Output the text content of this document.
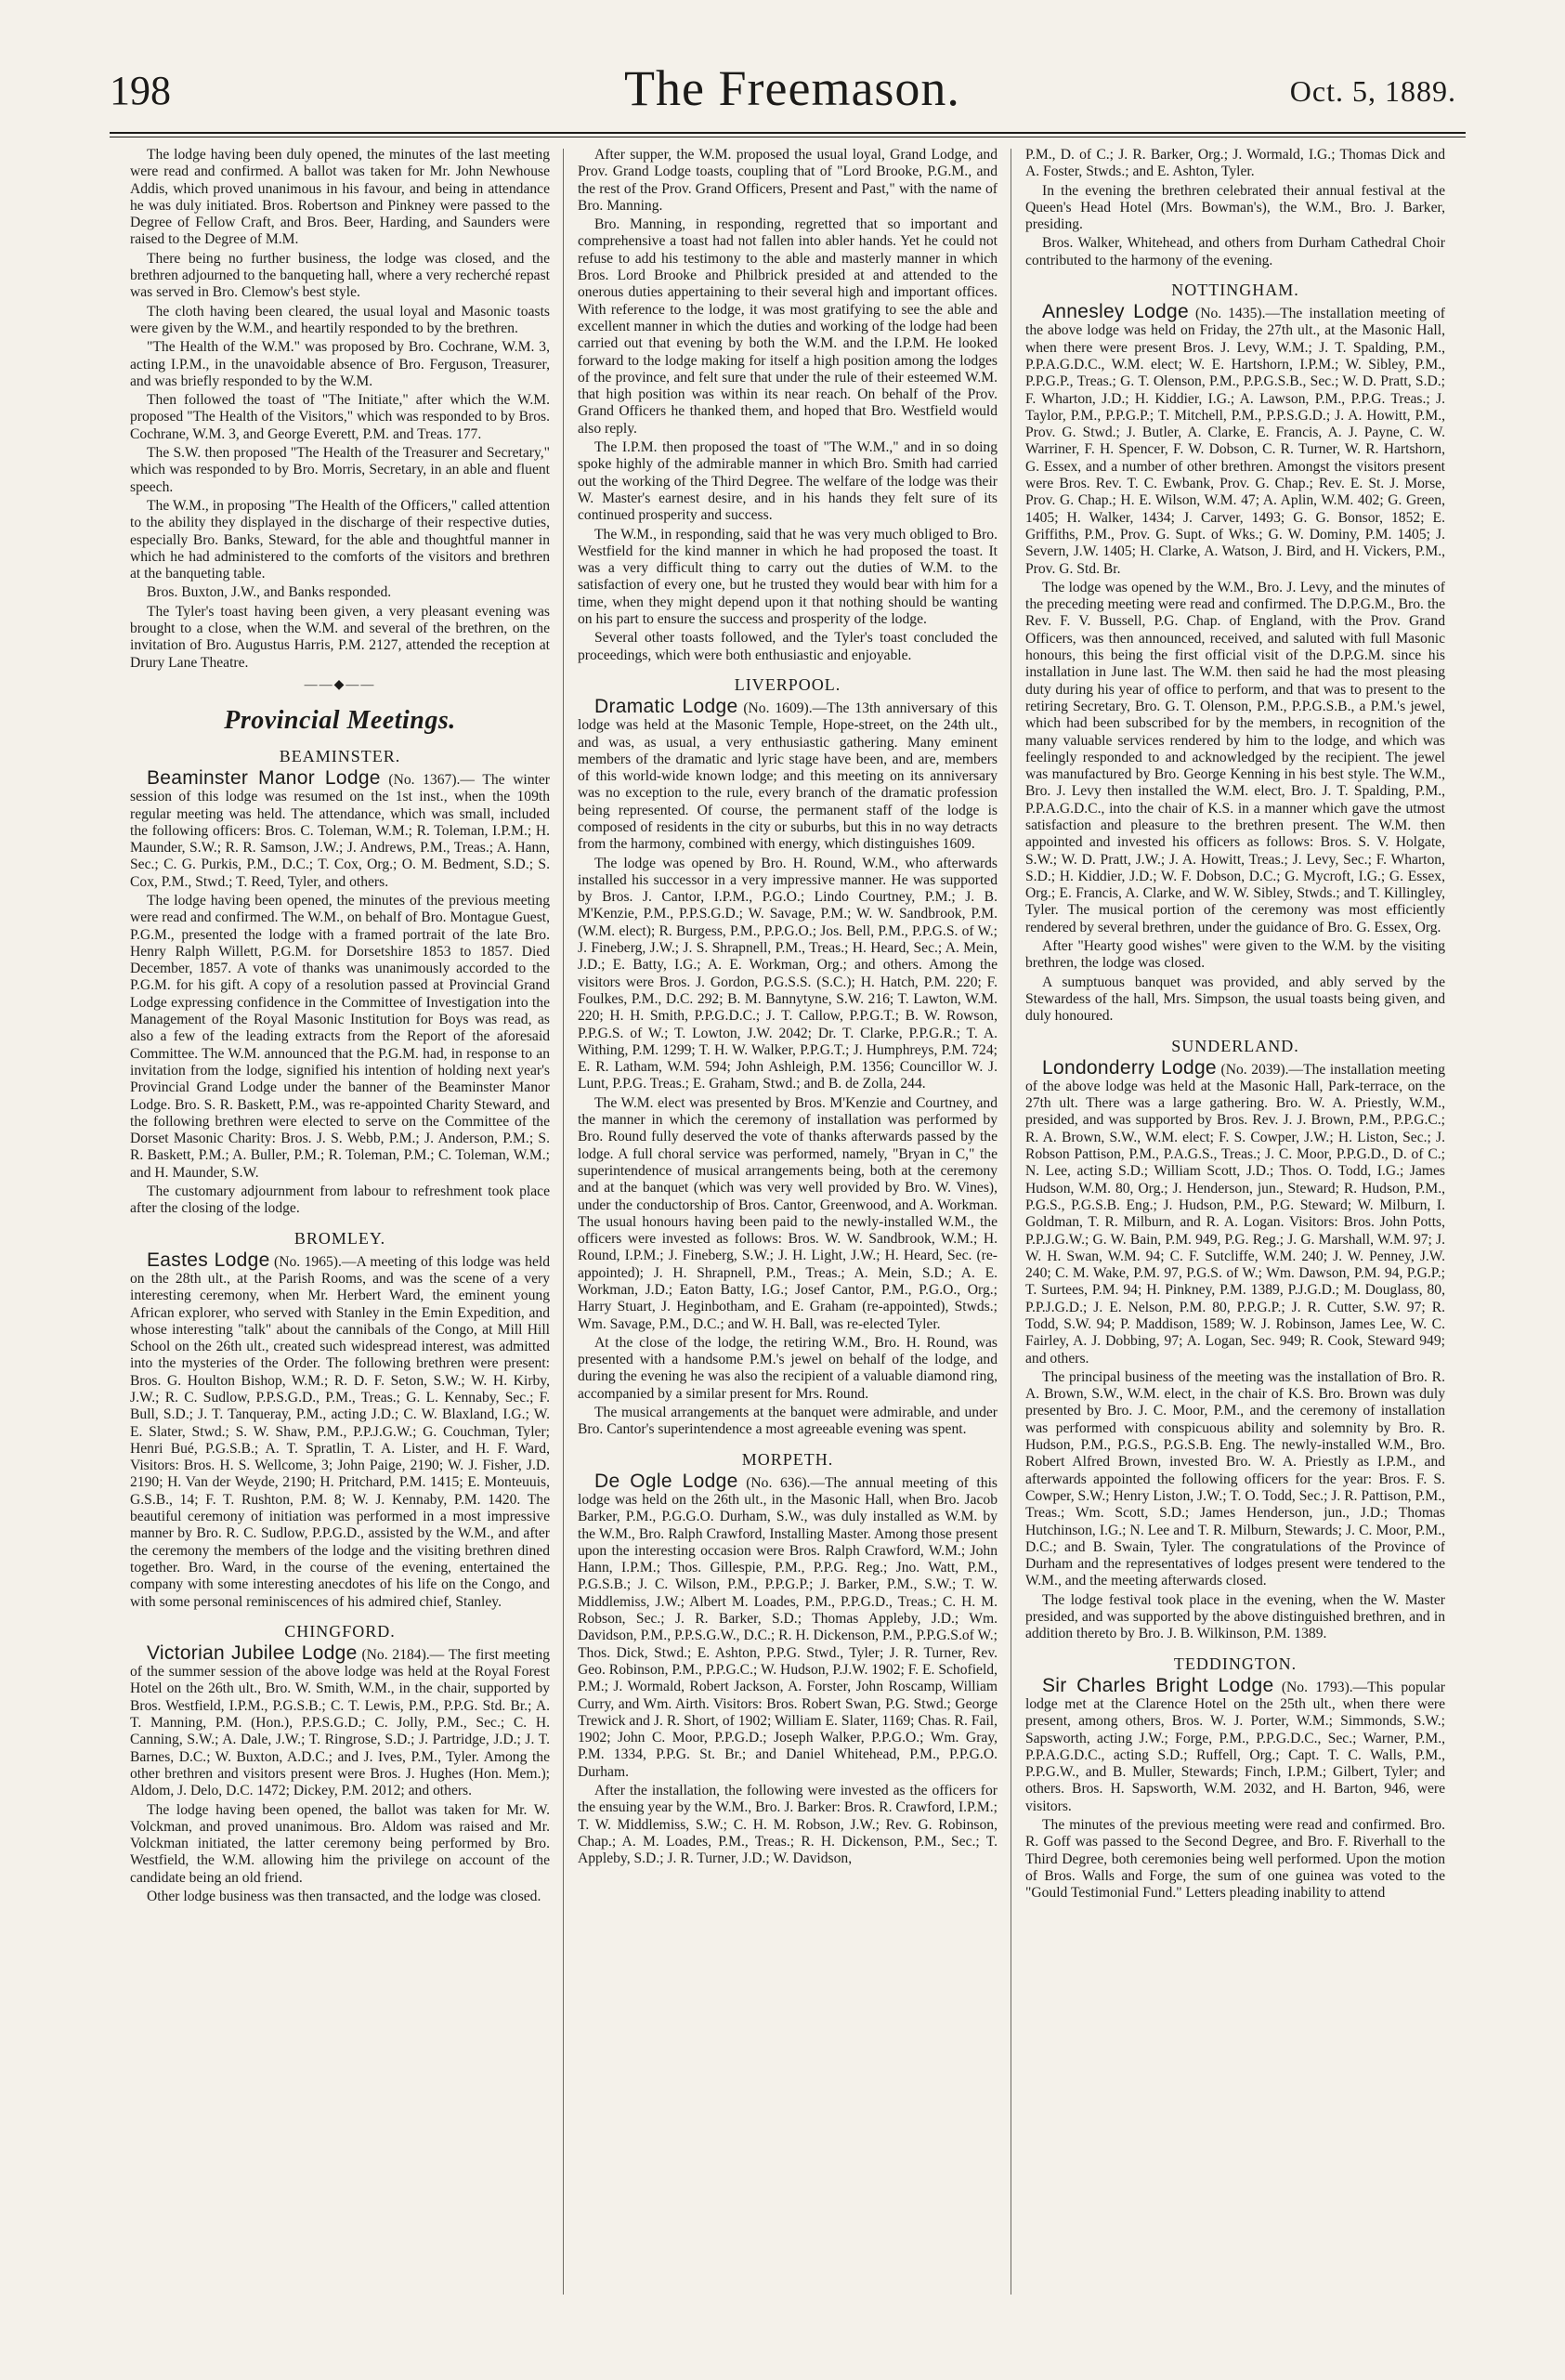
198	The Freemason.	Oct. 5, 1889.

The lodge having been duly opened, the minutes of the last meeting were read and confirmed. A ballot was taken for Mr. John Newhouse Addis, which proved unanimous in his favour, and being in attendance he was duly initiated. Bros. Robertson and Pinkney were passed to the Degree of Fellow Craft, and Bros. Beer, Harding, and Saunders were raised to the Degree of M.M.

There being no further business, the lodge was closed, and the brethren adjourned to the banqueting hall, where a very recherché repast was served in Bro. Clemow's best style.

The cloth having been cleared, the usual loyal and Masonic toasts were given by the W.M., and heartily responded to by the brethren.

"The Health of the W.M." was proposed by Bro. Cochrane, W.M. 3, acting I.P.M., in the unavoidable absence of Bro. Ferguson, Treasurer, and was briefly responded to by the W.M.

Then followed the toast of "The Initiate," after which the W.M. proposed "The Health of the Visitors," which was responded to by Bros. Cochrane, W.M. 3, and George Everett, P.M. and Treas. 177.

The S.W. then proposed "The Health of the Treasurer and Secretary," which was responded to by Bro. Morris, Secretary, in an able and fluent speech.

The W.M., in proposing "The Health of the Officers," called attention to the ability they displayed in the discharge of their respective duties, especially Bro. Banks, Steward, for the able and thoughtful manner in which he had administered to the comforts of the visitors and brethren at the banqueting table.

Bros. Buxton, J.W., and Banks responded.

The Tyler's toast having been given, a very pleasant evening was brought to a close, when the W.M. and several of the brethren, on the invitation of Bro. Augustus Harris, P.M. 2127, attended the reception at Drury Lane Theatre.

——◆——
Provincial Meetings.
BEAMINSTER.

Beaminster Manor Lodge (No. 1367).— The winter session of this lodge was resumed on the 1st inst., when the 109th regular meeting was held. The attendance, which was small, included the following officers: Bros. C. Toleman, W.M.; R. Toleman, I.P.M.; H. Maunder, S.W.; R. R. Samson, J.W.; J. Andrews, P.M., Treas.; A. Hann, Sec.; C. G. Purkis, P.M., D.C.; T. Cox, Org.; O. M. Bedment, S.D.; S. Cox, P.M., Stwd.; T. Reed, Tyler, and others.

The lodge having been opened, the minutes of the previous meeting were read and confirmed. The W.M., on behalf of Bro. Montague Guest, P.G.M., presented the lodge with a framed portrait of the late Bro. Henry Ralph Willett, P.G.M. for Dorsetshire 1853 to 1857. Died December, 1857. A vote of thanks was unanimously accorded to the P.G.M. for his gift. A copy of a resolution passed at Provincial Grand Lodge expressing confidence in the Committee of Investigation into the Management of the Royal Masonic Institution for Boys was read, as also a few of the leading extracts from the Report of the aforesaid Committee. The W.M. announced that the P.G.M. had, in response to an invitation from the lodge, signified his intention of holding next year's Provincial Grand Lodge under the banner of the Beaminster Manor Lodge. Bro. S. R. Baskett, P.M., was re-appointed Charity Steward, and the following brethren were elected to serve on the Committee of the Dorset Masonic Charity: Bros. J. S. Webb, P.M.; J. Anderson, P.M.; S. R. Baskett, P.M.; A. Buller, P.M.; R. Toleman, P.M.; C. Toleman, W.M.; and H. Maunder, S.W.

The customary adjournment from labour to refreshment took place after the closing of the lodge.

BROMLEY.

Eastes Lodge (No. 1965).—A meeting of this lodge was held on the 28th ult., at the Parish Rooms, and was the scene of a very interesting ceremony, when Mr. Herbert Ward, the eminent young African explorer, who served with Stanley in the Emin Expedition, and whose interesting "talk" about the cannibals of the Congo, at Mill Hill School on the 26th ult., created such widespread interest, was admitted into the mysteries of the Order. The following brethren were present: Bros. G. Houlton Bishop, W.M.; R. D. F. Seton, S.W.; W. H. Kirby, J.W.; R. C. Sudlow, P.P.S.G.D., P.M., Treas.; G. L. Kennaby, Sec.; F. Bull, S.D.; J. T. Tanqueray, P.M., acting J.D.; C. W. Blaxland, I.G.; W. E. Slater, Stwd.; S. W. Shaw, P.M., P.P.J.G.W.; G. Couchman, Tyler; Henri Bué, P.G.S.B.; A. T. Spratlin, T. A. Lister, and H. F. Ward, Visitors: Bros. H. S. Wellcome, 3; John Paige, 2190; W. J. Fisher, J.D. 2190; H. Van der Weyde, 2190; H. Pritchard, P.M. 1415; E. Monteuuis, G.S.B., 14; F. T. Rushton, P.M. 8; W. J. Kennaby, P.M. 1420. The beautiful ceremony of initiation was performed in a most impressive manner by Bro. R. C. Sudlow, P.P.G.D., assisted by the W.M., and after the ceremony the members of the lodge and the visiting brethren dined together. Bro. Ward, in the course of the evening, entertained the company with some interesting anecdotes of his life on the Congo, and with some personal reminiscences of his admired chief, Stanley.

CHINGFORD.

Victorian Jubilee Lodge (No. 2184).— The first meeting of the summer session of the above lodge was held at the Royal Forest Hotel on the 26th ult., Bro. W. Smith, W.M., in the chair, supported by Bros. Westfield, I.P.M., P.G.S.B.; C. T. Lewis, P.M., P.P.G. Std. Br.; A. T. Manning, P.M. (Hon.), P.P.S.G.D.; C. Jolly, P.M., Sec.; C. H. Canning, S.W.; A. Dale, J.W.; T. Ringrose, S.D.; J. Partridge, J.D.; J. T. Barnes, D.C.; W. Buxton, A.D.C.; and J. Ives, P.M., Tyler. Among the other brethren and visitors present were Bros. J. Hughes (Hon. Mem.); Aldom, J. Delo, D.C. 1472; Dickey, P.M. 2012; and others.

The lodge having been opened, the ballot was taken for Mr. W. Volckman, and proved unanimous. Bro. Aldom was raised and Mr. Volckman initiated, the latter ceremony being performed by Bro. Westfield, the W.M. allowing him the privilege on account of the candidate being an old friend.

Other lodge business was then transacted, and the lodge was closed.

After supper, the W.M. proposed the usual loyal, Grand Lodge, and Prov. Grand Lodge toasts, coupling that of "Lord Brooke, P.G.M., and the rest of the Prov. Grand Officers, Present and Past," with the name of Bro. Manning.

Bro. Manning, in responding, regretted that so important and comprehensive a toast had not fallen into abler hands. Yet he could not refuse to add his testimony to the able and masterly manner in which Bros. Lord Brooke and Philbrick presided at and attended to the onerous duties appertaining to their several high and important offices. With reference to the lodge, it was most gratifying to see the able and excellent manner in which the duties and working of the lodge had been carried out that evening by both the W.M. and the I.P.M. He looked forward to the lodge making for itself a high position among the lodges of the province, and felt sure that under the rule of their esteemed W.M. that high position was within its near reach. On behalf of the Prov. Grand Officers he thanked them, and hoped that Bro. Westfield would also reply.

The I.P.M. then proposed the toast of "The W.M.," and in so doing spoke highly of the admirable manner in which Bro. Smith had carried out the working of the Third Degree. The welfare of the lodge was their W. Master's earnest desire, and in his hands they felt sure of its continued prosperity and success.

The W.M., in responding, said that he was very much obliged to Bro. Westfield for the kind manner in which he had proposed the toast. It was a very difficult thing to carry out the duties of W.M. to the satisfaction of every one, but he trusted they would bear with him for a time, when they might depend upon it that nothing should be wanting on his part to ensure the success and prosperity of the lodge.

Several other toasts followed, and the Tyler's toast concluded the proceedings, which were both enthusiastic and enjoyable.

LIVERPOOL.

Dramatic Lodge (No. 1609).—The 13th anniversary of this lodge was held at the Masonic Temple, Hope-street, on the 24th ult., and was, as usual, a very enthusiastic gathering. Many eminent members of the dramatic and lyric stage have been, and are, members of this world-wide known lodge; and this meeting on its anniversary was no exception to the rule, every branch of the dramatic profession being represented. Of course, the permanent staff of the lodge is composed of residents in the city or suburbs, but this in no way detracts from the harmony, combined with energy, which distinguishes 1609.

The lodge was opened by Bro. H. Round, W.M., who afterwards installed his successor in a very impressive manner. He was supported by Bros. J. Cantor, I.P.M., P.G.O.; Lindo Courtney, P.M.; J. B. M'Kenzie, P.M., P.P.S.G.D.; W. Savage, P.M.; W. W. Sandbrook, P.M. (W.M. elect); R. Burgess, P.M., P.P.G.O.; Jos. Bell, P.M., P.P.G.S. of W.; J. Fineberg, J.W.; J. S. Shrapnell, P.M., Treas.; H. Heard, Sec.; A. Mein, J.D.; E. Batty, I.G.; A. E. Workman, Org.; and others. Among the visitors were Bros. J. Gordon, P.G.S.S. (S.C.); H. Hatch, P.M. 220; F. Foulkes, P.M., D.C. 292; B. M. Bannytyne, S.W. 216; T. Lawton, W.M. 220; H. H. Smith, P.P.G.D.C.; J. T. Callow, P.P.G.T.; B. W. Rowson, P.P.G.S. of W.; T. Lowton, J.W. 2042; Dr. T. Clarke, P.P.G.R.; T. A. Withing, P.M. 1299; T. H. W. Walker, P.P.G.T.; J. Humphreys, P.M. 724; E. R. Latham, W.M. 594; John Ashleigh, P.M. 1356; Councillor W. J. Lunt, P.P.G. Treas.; E. Graham, Stwd.; and B. de Zolla, 244.

The W.M. elect was presented by Bros. M'Kenzie and Courtney, and the manner in which the ceremony of installation was performed by Bro. Round fully deserved the vote of thanks afterwards passed by the lodge. A full choral service was performed, namely, "Bryan in C," the superintendence of musical arrangements being, both at the ceremony and at the banquet (which was very well provided by Bro. W. Vines), under the conductorship of Bros. Cantor, Greenwood, and A. Workman. The usual honours having been paid to the newly-installed W.M., the officers were invested as follows: Bros. W. W. Sandbrook, W.M.; H. Round, I.P.M.; J. Fineberg, S.W.; J. H. Light, J.W.; H. Heard, Sec. (re-appointed); J. H. Shrapnell, P.M., Treas.; A. Mein, S.D.; A. E. Workman, J.D.; Eaton Batty, I.G.; Josef Cantor, P.M., P.G.O., Org.; Harry Stuart, J. Heginbotham, and E. Graham (re-appointed), Stwds.; Wm. Savage, P.M., D.C.; and W. H. Ball, was re-elected Tyler.

At the close of the lodge, the retiring W.M., Bro. H. Round, was presented with a handsome P.M.'s jewel on behalf of the lodge, and during the evening he was also the recipient of a valuable diamond ring, accompanied by a similar present for Mrs. Round.

The musical arrangements at the banquet were admirable, and under Bro. Cantor's superintendence a most agreeable evening was spent.

MORPETH.

De Ogle Lodge (No. 636).—The annual meeting of this lodge was held on the 26th ult., in the Masonic Hall, when Bro. Jacob Barker, P.M., P.G.G.O. Durham, S.W., was duly installed as W.M. by the W.M., Bro. Ralph Crawford, Installing Master. Among those present upon the interesting occasion were Bros. Ralph Crawford, W.M.; John Hann, I.P.M.; Thos. Gillespie, P.M., P.P.G. Reg.; Jno. Watt, P.M., P.G.S.B.; J. C. Wilson, P.M., P.P.G.P.; J. Barker, P.M., S.W.; T. W. Middlemiss, J.W.; Albert M. Loades, P.M., P.P.G.D., Treas.; C. H. M. Robson, Sec.; J. R. Barker, S.D.; Thomas Appleby, J.D.; Wm. Davidson, P.M., P.P.S.G.W., D.C.; R. H. Dickenson, P.M., P.P.G.S.of W.; Thos. Dick, Stwd.; E. Ashton, P.P.G. Stwd., Tyler; J. R. Turner, Rev. Geo. Robinson, P.M., P.P.G.C.; W. Hudson, P.J.W. 1902; F. E. Schofield, P.M.; J. Wormald, Robert Jackson, A. Forster, John Roscamp, William Curry, and Wm. Airth. Visitors: Bros. Robert Swan, P.G. Stwd.; George Trewick and J. R. Short, of 1902; William E. Slater, 1169; Chas. R. Fail, 1902; John C. Moor, P.P.G.D.; Joseph Walker, P.P.G.O.; Wm. Gray, P.M. 1334, P.P.G. St. Br.; and Daniel Whitehead, P.M., P.P.G.O. Durham.

After the installation, the following were invested as the officers for the ensuing year by the W.M., Bro. J. Barker: Bros. R. Crawford, I.P.M.; T. W. Middlemiss, S.W.; C. H. M. Robson, J.W.; Rev. G. Robinson, Chap.; A. M. Loades, P.M., Treas.; R. H. Dickenson, P.M., Sec.; T. Appleby, S.D.; J. R. Turner, J.D.; W. Davidson,

P.M., D. of C.; J. R. Barker, Org.; J. Wormald, I.G.; Thomas Dick and A. Foster, Stwds.; and E. Ashton, Tyler.

In the evening the brethren celebrated their annual festival at the Queen's Head Hotel (Mrs. Bowman's), the W.M., Bro. J. Barker, presiding.

Bros. Walker, Whitehead, and others from Durham Cathedral Choir contributed to the harmony of the evening.

NOTTINGHAM.

Annesley Lodge (No. 1435).—The installation meeting of the above lodge was held on Friday, the 27th ult., at the Masonic Hall, when there were present Bros. J. Levy, W.M.; J. T. Spalding, P.M., P.P.A.G.D.C., W.M. elect; W. E. Hartshorn, I.P.M.; W. Sibley, P.M., P.P.G.P., Treas.; G. T. Olenson, P.M., P.P.G.S.B., Sec.; W. D. Pratt, S.D.; F. Wharton, J.D.; H. Kiddier, I.G.; A. Lawson, P.M., P.P.G. Treas.; J. Taylor, P.M., P.P.G.P.; T. Mitchell, P.M., P.P.S.G.D.; J. A. Howitt, P.M., Prov. G. Stwd.; J. Butler, A. Clarke, E. Francis, A. J. Payne, C. W. Warriner, F. H. Spencer, F. W. Dobson, C. R. Turner, W. R. Hartshorn, G. Essex, and a number of other brethren. Amongst the visitors present were Bros. Rev. T. C. Ewbank, Prov. G. Chap.; Rev. E. St. J. Morse, Prov. G. Chap.; H. E. Wilson, W.M. 47; A. Aplin, W.M. 402; G. Green, 1405; H. Walker, 1434; J. Carver, 1493; G. G. Bonsor, 1852; E. Griffiths, P.M., Prov. G. Supt. of Wks.; G. W. Dominy, P.M. 1405; J. Severn, J.W. 1405; H. Clarke, A. Watson, J. Bird, and H. Vickers, P.M., Prov. G. Std. Br.

The lodge was opened by the W.M., Bro. J. Levy, and the minutes of the preceding meeting were read and confirmed. The D.P.G.M., Bro. the Rev. F. V. Bussell, P.G. Chap. of England, with the Prov. Grand Officers, was then announced, received, and saluted with full Masonic honours, this being the first official visit of the D.P.G.M. since his installation in June last. The W.M. then said he had the most pleasing duty during his year of office to perform, and that was to present to the retiring Secretary, Bro. G. T. Olenson, P.M., P.P.G.S.B., a P.M.'s jewel, which had been subscribed for by the members, in recognition of the many valuable services rendered by him to the lodge, and which was feelingly responded to and acknowledged by the recipient. The jewel was manufactured by Bro. George Kenning in his best style. The W.M., Bro. J. Levy then installed the W.M. elect, Bro. J. T. Spalding, P.M., P.P.A.G.D.C., into the chair of K.S. in a manner which gave the utmost satisfaction and pleasure to the brethren present. The W.M. then appointed and invested his officers as follows: Bros. S. V. Holgate, S.W.; W. D. Pratt, J.W.; J. A. Howitt, Treas.; J. Levy, Sec.; F. Wharton, S.D.; H. Kiddier, J.D.; W. F. Dobson, D.C.; G. Mycroft, I.G.; G. Essex, Org.; E. Francis, A. Clarke, and W. W. Sibley, Stwds.; and T. Killingley, Tyler. The musical portion of the ceremony was most efficiently rendered by several brethren, under the guidance of Bro. G. Essex, Org.

After "Hearty good wishes" were given to the W.M. by the visiting brethren, the lodge was closed.

A sumptuous banquet was provided, and ably served by the Stewardess of the hall, Mrs. Simpson, the usual toasts being given, and duly honoured.

SUNDERLAND.

Londonderry Lodge (No. 2039).—The installation meeting of the above lodge was held at the Masonic Hall, Park-terrace, on the 27th ult. There was a large gathering. Bro. W. A. Priestly, W.M., presided, and was supported by Bros. Rev. J. J. Brown, P.M., P.P.G.C.; R. A. Brown, S.W., W.M. elect; F. S. Cowper, J.W.; H. Liston, Sec.; J. Robson Pattison, P.M., P.A.G.S., Treas.; J. C. Moor, P.P.G.D., D. of C.; N. Lee, acting S.D.; William Scott, J.D.; Thos. O. Todd, I.G.; James Hudson, W.M. 80, Org.; J. Henderson, jun., Steward; R. Hudson, P.M., P.G.S., P.G.S.B. Eng.; J. Hudson, P.M., P.G. Steward; W. Milburn, I. Goldman, T. R. Milburn, and R. A. Logan. Visitors: Bros. John Potts, P.P.J.G.W.; G. W. Bain, P.M. 949, P.G. Reg.; J. G. Marshall, W.M. 97; J. W. H. Swan, W.M. 94; C. F. Sutcliffe, W.M. 240; J. W. Penney, J.W. 240; C. M. Wake, P.M. 97, P.G.S. of W.; Wm. Dawson, P.M. 94, P.G.P.; T. Surtees, P.M. 94; H. Pinkney, P.M. 1389, P.J.G.D.; M. Douglass, 80, P.P.J.G.D.; J. E. Nelson, P.M. 80, P.P.G.P.; J. R. Cutter, S.W. 97; R. Todd, S.W. 94; P. Maddison, 1589; W. J. Robinson, James Lee, W. C. Fairley, A. J. Dobbing, 97; A. Logan, Sec. 949; R. Cook, Steward 949; and others.

The principal business of the meeting was the installation of Bro. R. A. Brown, S.W., W.M. elect, in the chair of K.S. Bro. Brown was duly presented by Bro. J. C. Moor, P.M., and the ceremony of installation was performed with conspicuous ability and solemnity by Bro. R. Hudson, P.M., P.G.S., P.G.S.B. Eng. The newly-installed W.M., Bro. Robert Alfred Brown, invested Bro. W. A. Priestly as I.P.M., and afterwards appointed the following officers for the year: Bros. F. S. Cowper, S.W.; Henry Liston, J.W.; T. O. Todd, Sec.; J. R. Pattison, P.M., Treas.; Wm. Scott, S.D.; James Henderson, jun., J.D.; Thomas Hutchinson, I.G.; N. Lee and T. R. Milburn, Stewards; J. C. Moor, P.M., D.C.; and B. Swain, Tyler. The congratulations of the Province of Durham and the representatives of lodges present were tendered to the W.M., and the meeting afterwards closed.

The lodge festival took place in the evening, when the W. Master presided, and was supported by the above distinguished brethren, and in addition thereto by Bro. J. B. Wilkinson, P.M. 1389.

TEDDINGTON.

Sir Charles Bright Lodge (No. 1793).—This popular lodge met at the Clarence Hotel on the 25th ult., when there were present, among others, Bros. W. J. Porter, W.M.; Simmonds, S.W.; Sapsworth, acting J.W.; Forge, P.M., P.P.G.D.C., Sec.; Warner, P.M., P.P.A.G.D.C., acting S.D.; Ruffell, Org.; Capt. T. C. Walls, P.M., P.P.G.W., and B. Muller, Stewards; Finch, I.P.M.; Gilbert, Tyler; and others. Bros. H. Sapsworth, W.M. 2032, and H. Barton, 946, were visitors.

The minutes of the previous meeting were read and confirmed. Bro. R. Goff was passed to the Second Degree, and Bro. F. Riverhall to the Third Degree, both ceremonies being well performed. Upon the motion of Bros. Walls and Forge, the sum of one guinea was voted to the "Gould Testimonial Fund." Letters pleading inability to attend
